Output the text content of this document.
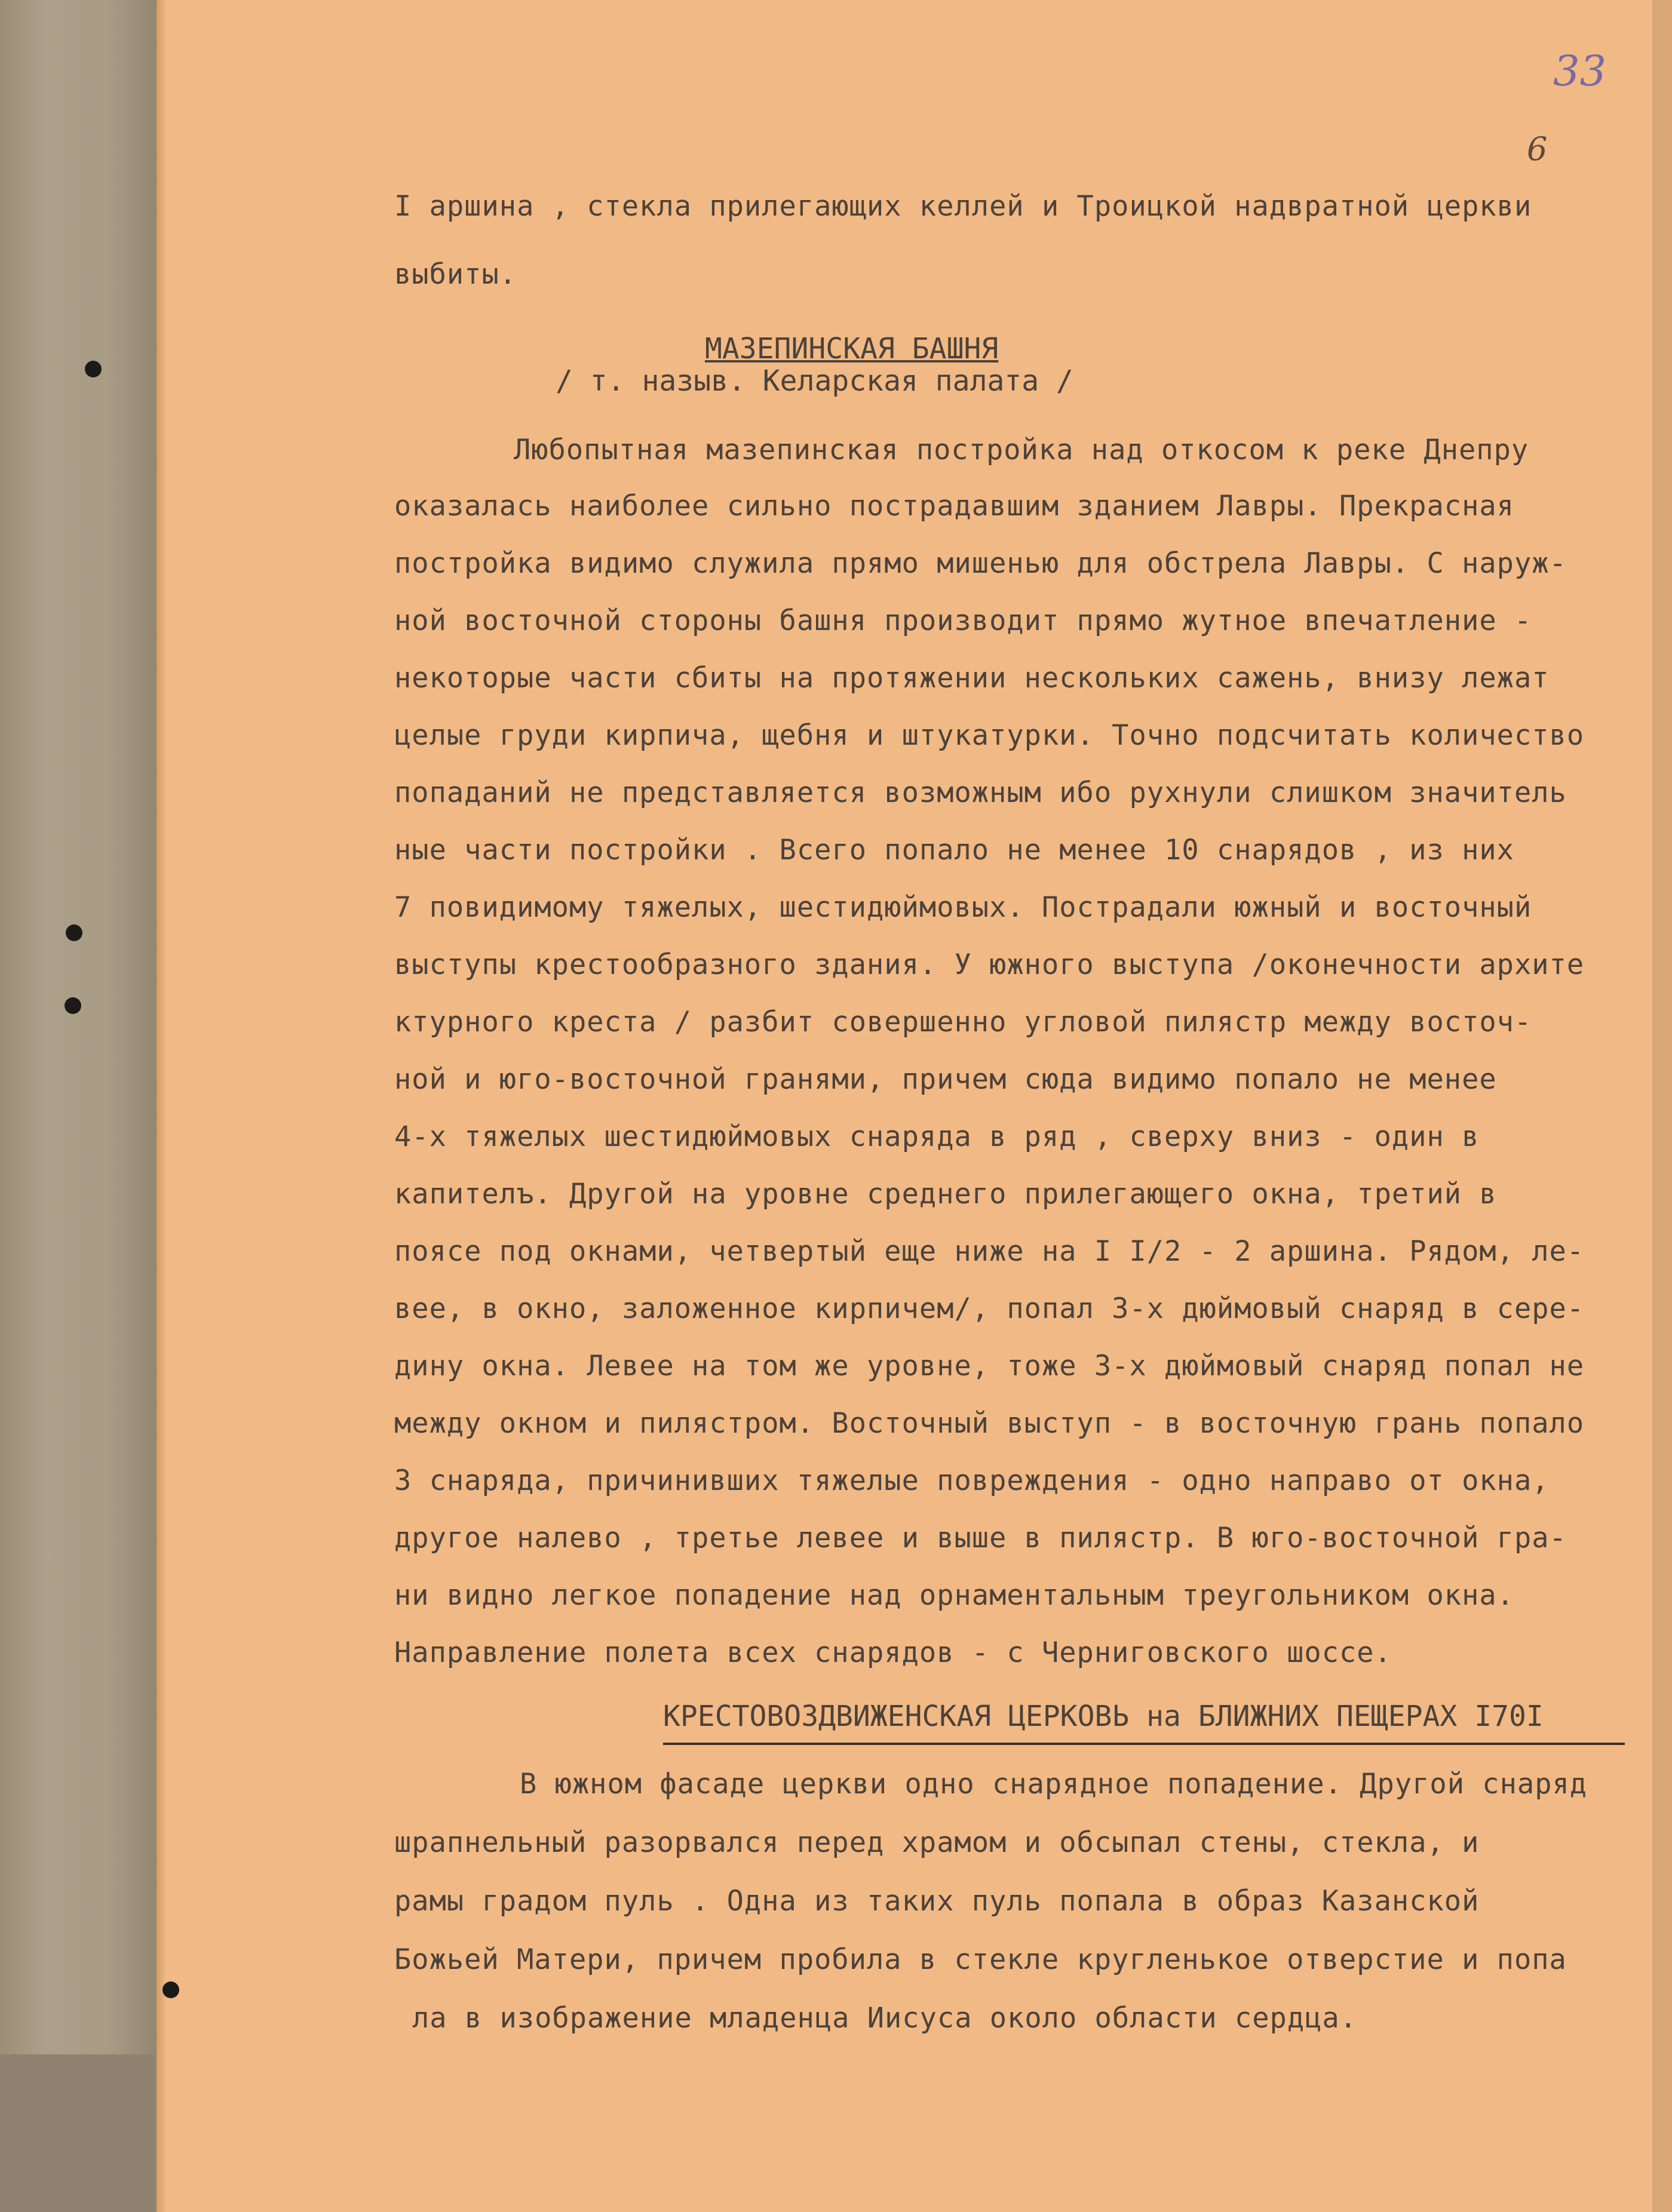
33
6
I аршина , стекла прилегающих келлей и Троицкой надвратной церкви
выбиты.
МАЗЕПИНСКАЯ БАШНЯ
/ т. назыв. Келарская палата /
Любопытная мазепинская постройка над откосом к реке Днепру
оказалась наиболее сильно пострадавшим зданием Лавры. Прекрасная
постройка видимо служила прямо мишенью для обстрела Лавры. С наруж-
ной восточной стороны башня производит прямо жутное впечатление -
некоторые части сбиты на протяжении нескольких сажень, внизу лежат
целые груди кирпича, щебня и штукатурки. Точно подсчитать количество
попаданий не представляется возможным ибо рухнули слишком значитель
ные части постройки . Всего попало не менее 10 снарядов , из них
7 повидимому тяжелых, шестидюймовых. Пострадали южный и восточный
выступы крестообразного здания. У южного выступа /оконечности архите
ктурного креста / разбит совершенно угловой пилястр между восточ-
ной и юго-восточной гранями, причем сюда видимо попало не менее
4-х тяжелых шестидюймовых снаряда в ряд , сверху вниз - один в
капителъ. Другой на уровне среднего прилегающего окна, третий в
поясе под окнами, четвертый еще ниже на I I/2 - 2 аршина. Рядом, ле-
вее, в окно, заложенное кирпичем/, попал 3-х дюймовый снаряд в сере-
дину окна. Левее на том же уровне, тоже 3-х дюймовый снаряд попал не
между окном и пилястром. Восточный выступ - в восточную грань попало
3 снаряда, причинивших тяжелые повреждения - одно направо от окна,
другое налево , третье левее и выше в пилястр. В юго-восточной гра-
ни видно легкое попадение над орнаментальным треугольником окна.
Направление полета всех снарядов - с Черниговского шоссе.
КРЕСТОВОЗДВИЖЕНСКАЯ ЦЕРКОВЬ на БЛИЖНИХ ПЕЩЕРАХ I70I
В южном фасаде церкви одно снарядное попадение. Другой снаряд
шрапнельный разорвался перед храмом и обсыпал стены, стекла, и
рамы градом пуль . Одна из таких пуль попала в образ Казанской
Божьей Матери, причем пробила в стекле кругленькое отверстие и попа
ла в изображение младенца Иисуса около области сердца.
